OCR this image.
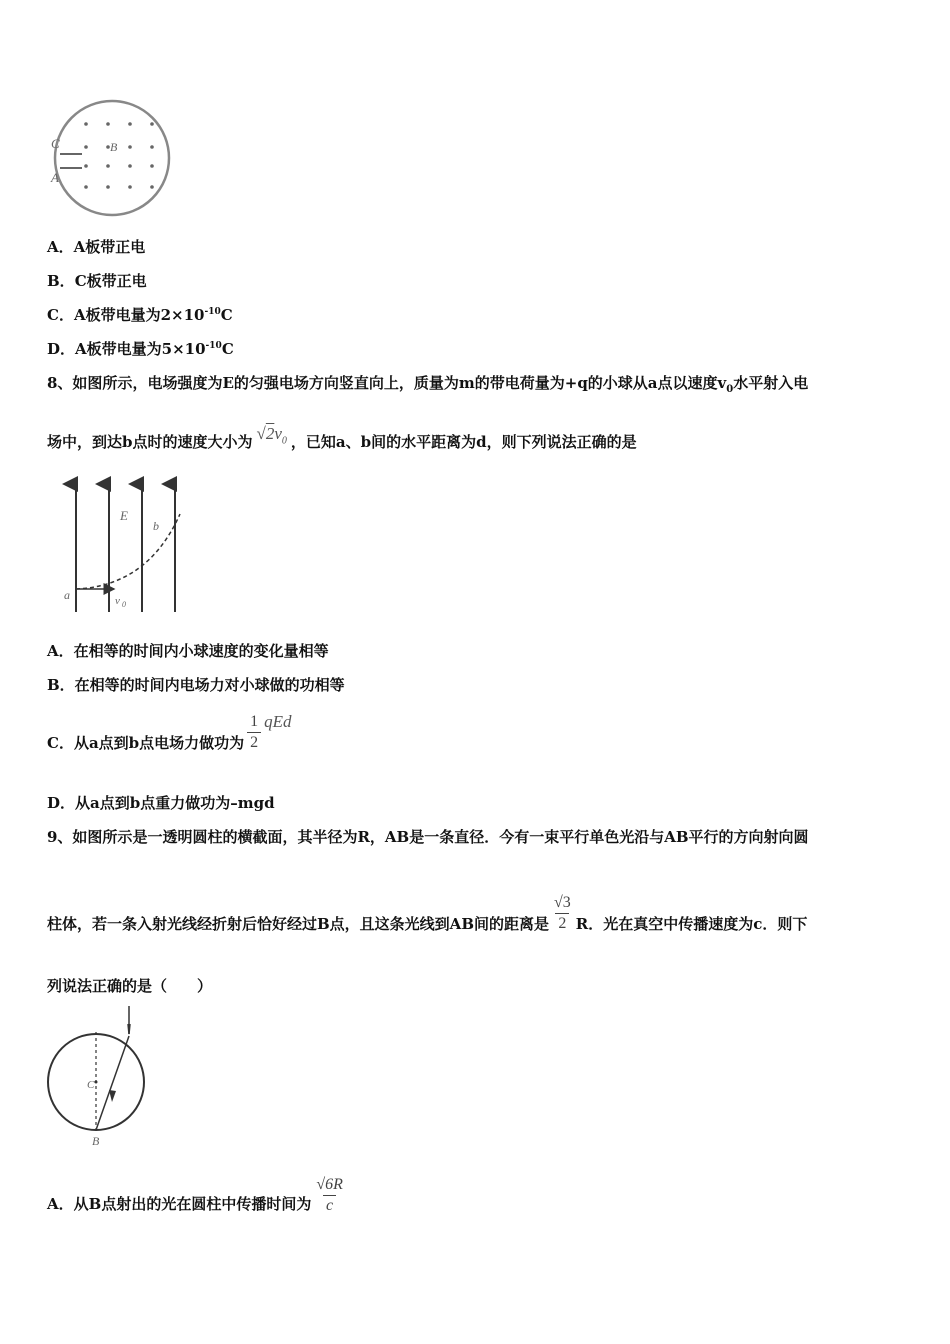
C
A
B
A．A板带正电
B．C板带正电
C．A板带电量为$2\times 10^{-10}C$
D．A板带电量为$5\times 10^{-10}C$
8、如图所示，电场强度为E的匀强电场方向竖直向上，质量为m的带电荷量为+q的小球从a点以速度$v_0$水平射入电
场中，到达b点时的速度大小为 $√2v_0$ ，已知a、b间的水平距离为d，则下列说法正确的是
E
b
a	v 0
A．在相等的时间内小球速度的变化量相等
B．在相等的时间内电场力对小球做的功相等
C．从a点到b点电场力做功为 $\frac{1}{2}$ qEd
D．从a点到b点重力做功为–mgd
9、如图所示是一透明圆柱的横截面，其半径为R，AB是一条直径．今有一束平行单色光沿与AB平行的方向射向圆
柱体，若一条入射光线经折射后恰好经过B点，且这条光线到AB间的距离是 $\frac{√3}{2}$ R．光在真空中传播速度为c．则下
列说法正确的是（　　）
C
B
A．从B点射出的光在圆柱中传播时间为 $\frac{√6R}{c}$
